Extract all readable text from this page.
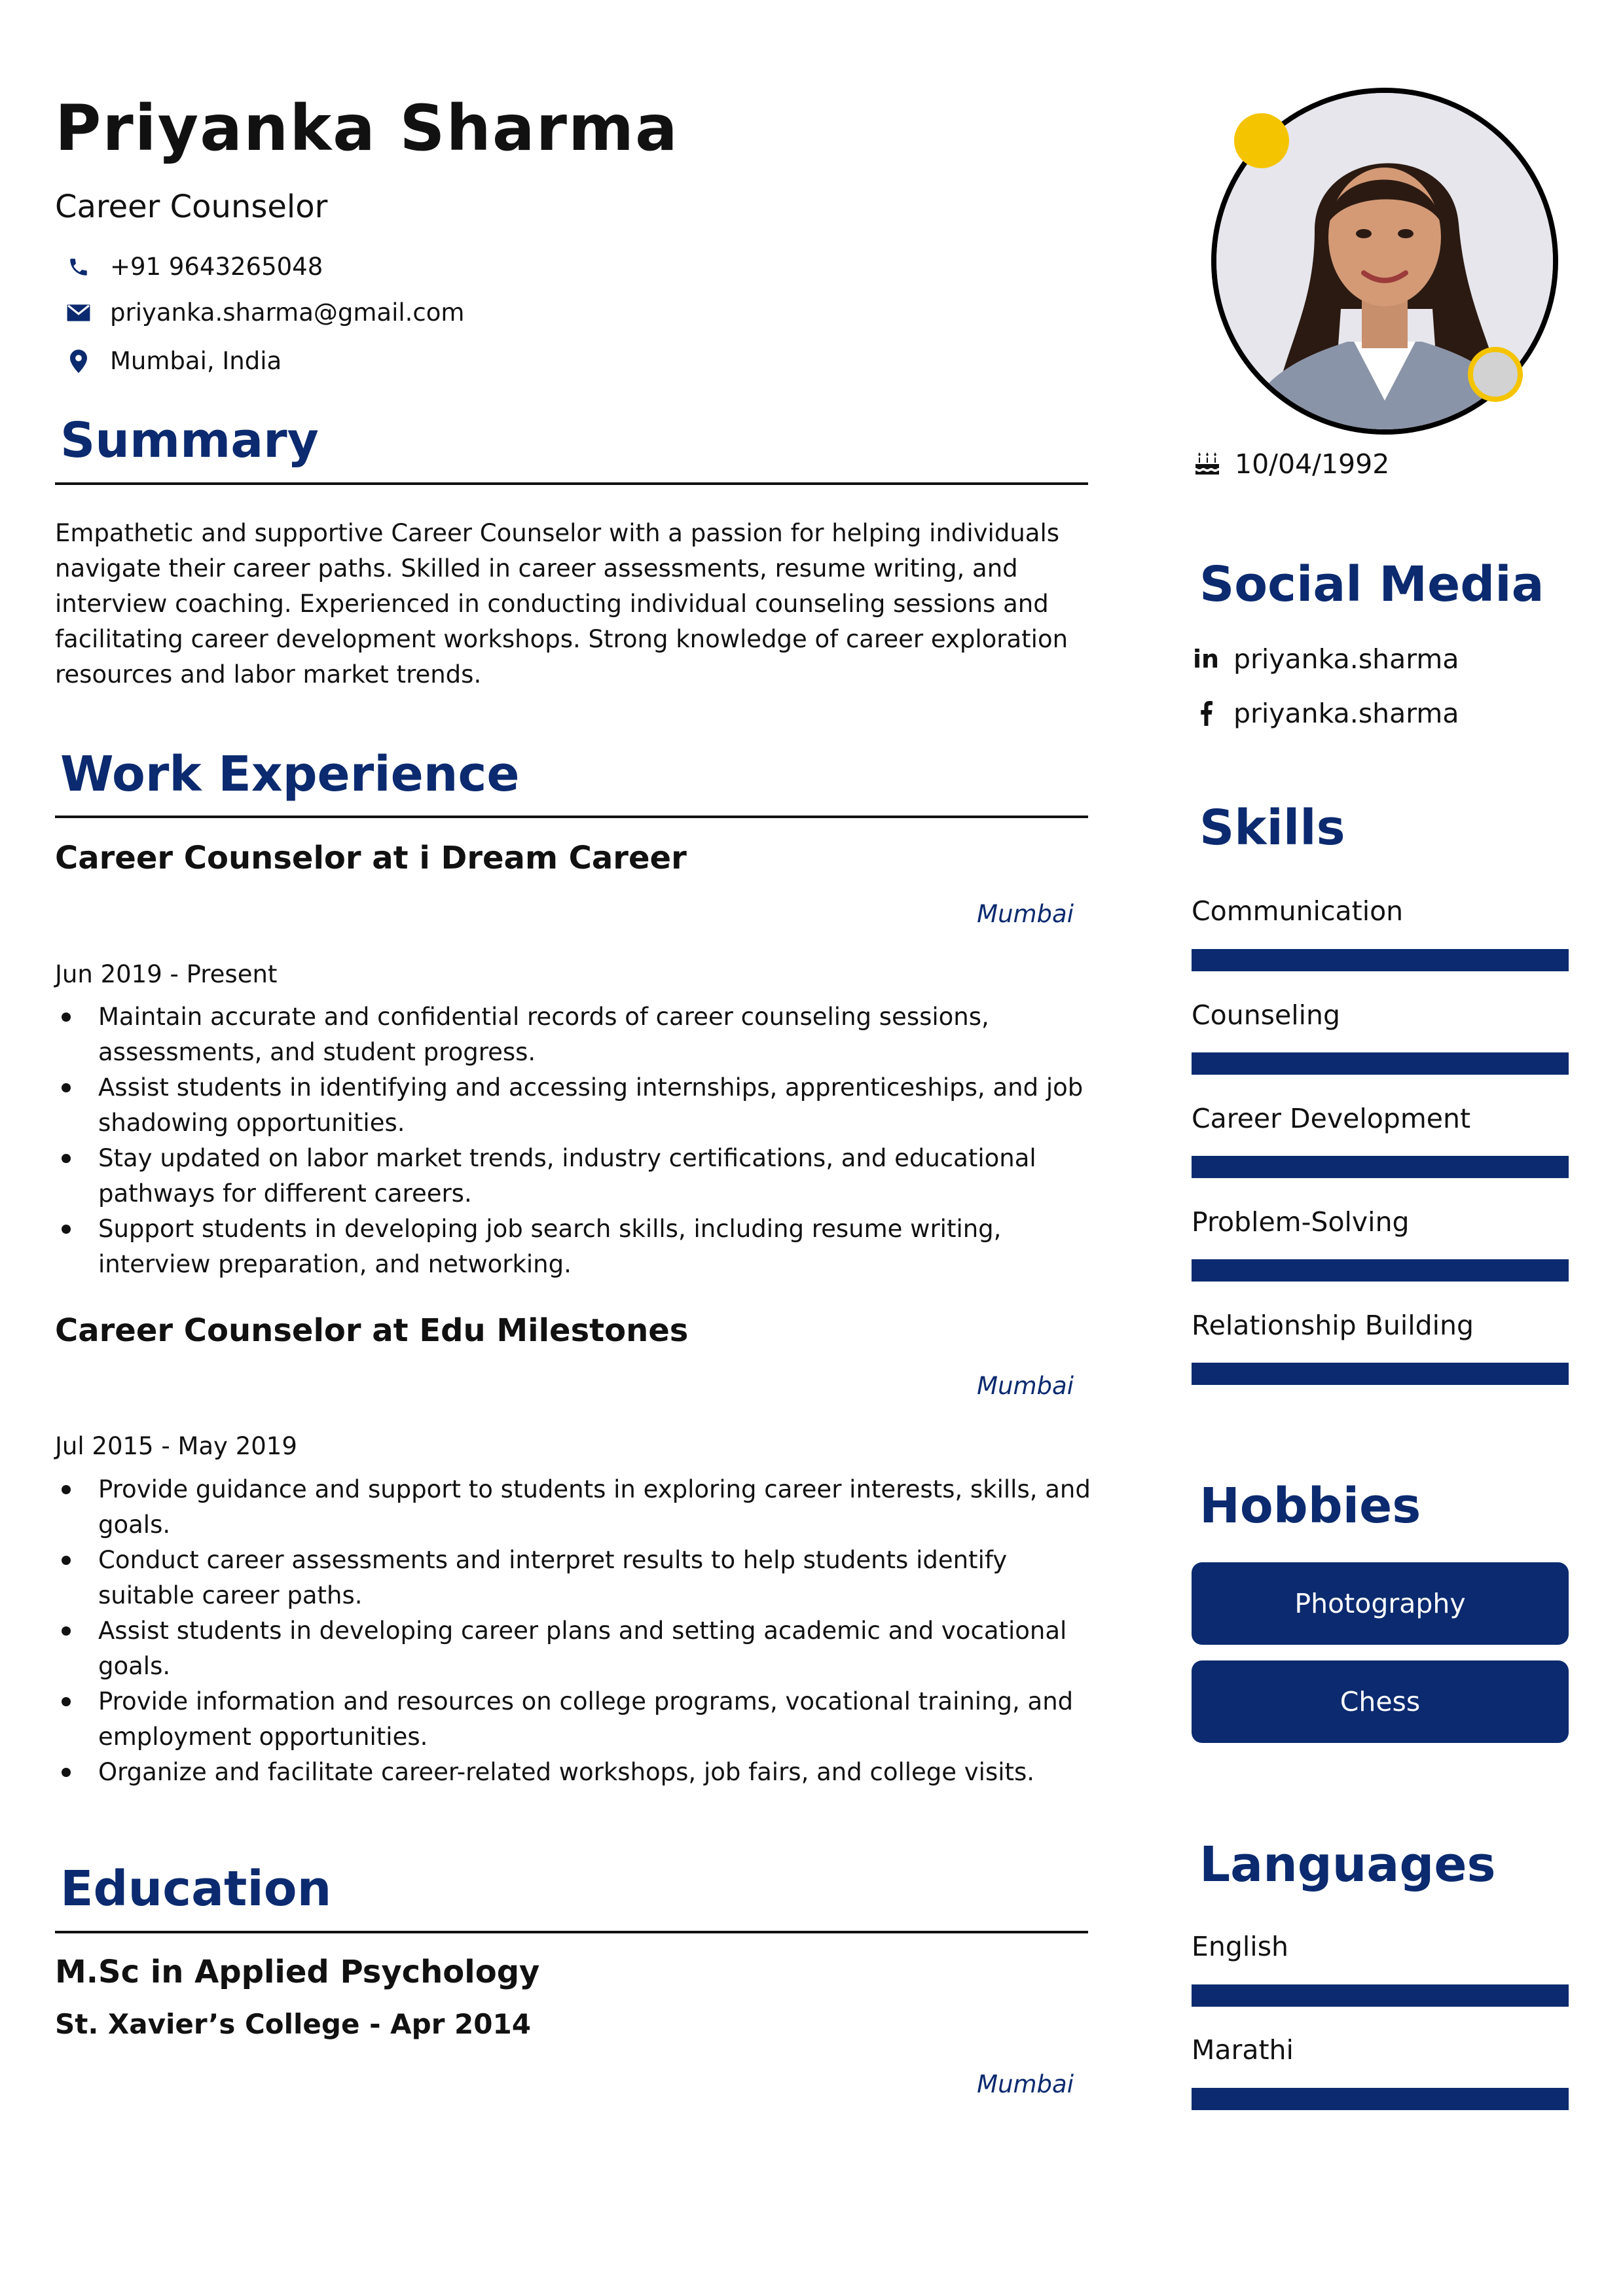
Priyanka Sharma
Career Counselor
+91 9643265048
priyanka.sharma@gmail.com
Mumbai, India
Summary
Empathetic and supportive Career Counselor with a passion for helping individuals navigate their career paths. Skilled in career assessments, resume writing, and interview coaching. Experienced in conducting individual counseling sessions and facilitating career development workshops. Strong knowledge of career exploration resources and labor market trends.
Work Experience
Career Counselor at i Dream Career
Mumbai
Jun 2019 - Present
Maintain accurate and confidential records of career counseling sessions, assessments, and student progress.
Assist students in identifying and accessing internships, apprenticeships, and job shadowing opportunities.
Stay updated on labor market trends, industry certifications, and educational pathways for different careers.
Support students in developing job search skills, including resume writing, interview preparation, and networking.
Career Counselor at Edu Milestones
Mumbai
Jul 2015 - May 2019
Provide guidance and support to students in exploring career interests, skills, and goals.
Conduct career assessments and interpret results to help students identify suitable career paths.
Assist students in developing career plans and setting academic and vocational goals.
Provide information and resources on college programs, vocational training, and employment opportunities.
Organize and facilitate career-related workshops, job fairs, and college visits.
Education
M.Sc in Applied Psychology
St. Xavier’s College - Apr 2014
Mumbai
10/04/1992
Social Media
in priyanka.sharma
priyanka.sharma
Skills
Communication
Counseling
Career Development
Problem-Solving
Relationship Building
Hobbies
Photography
Chess
Languages
English
Marathi
